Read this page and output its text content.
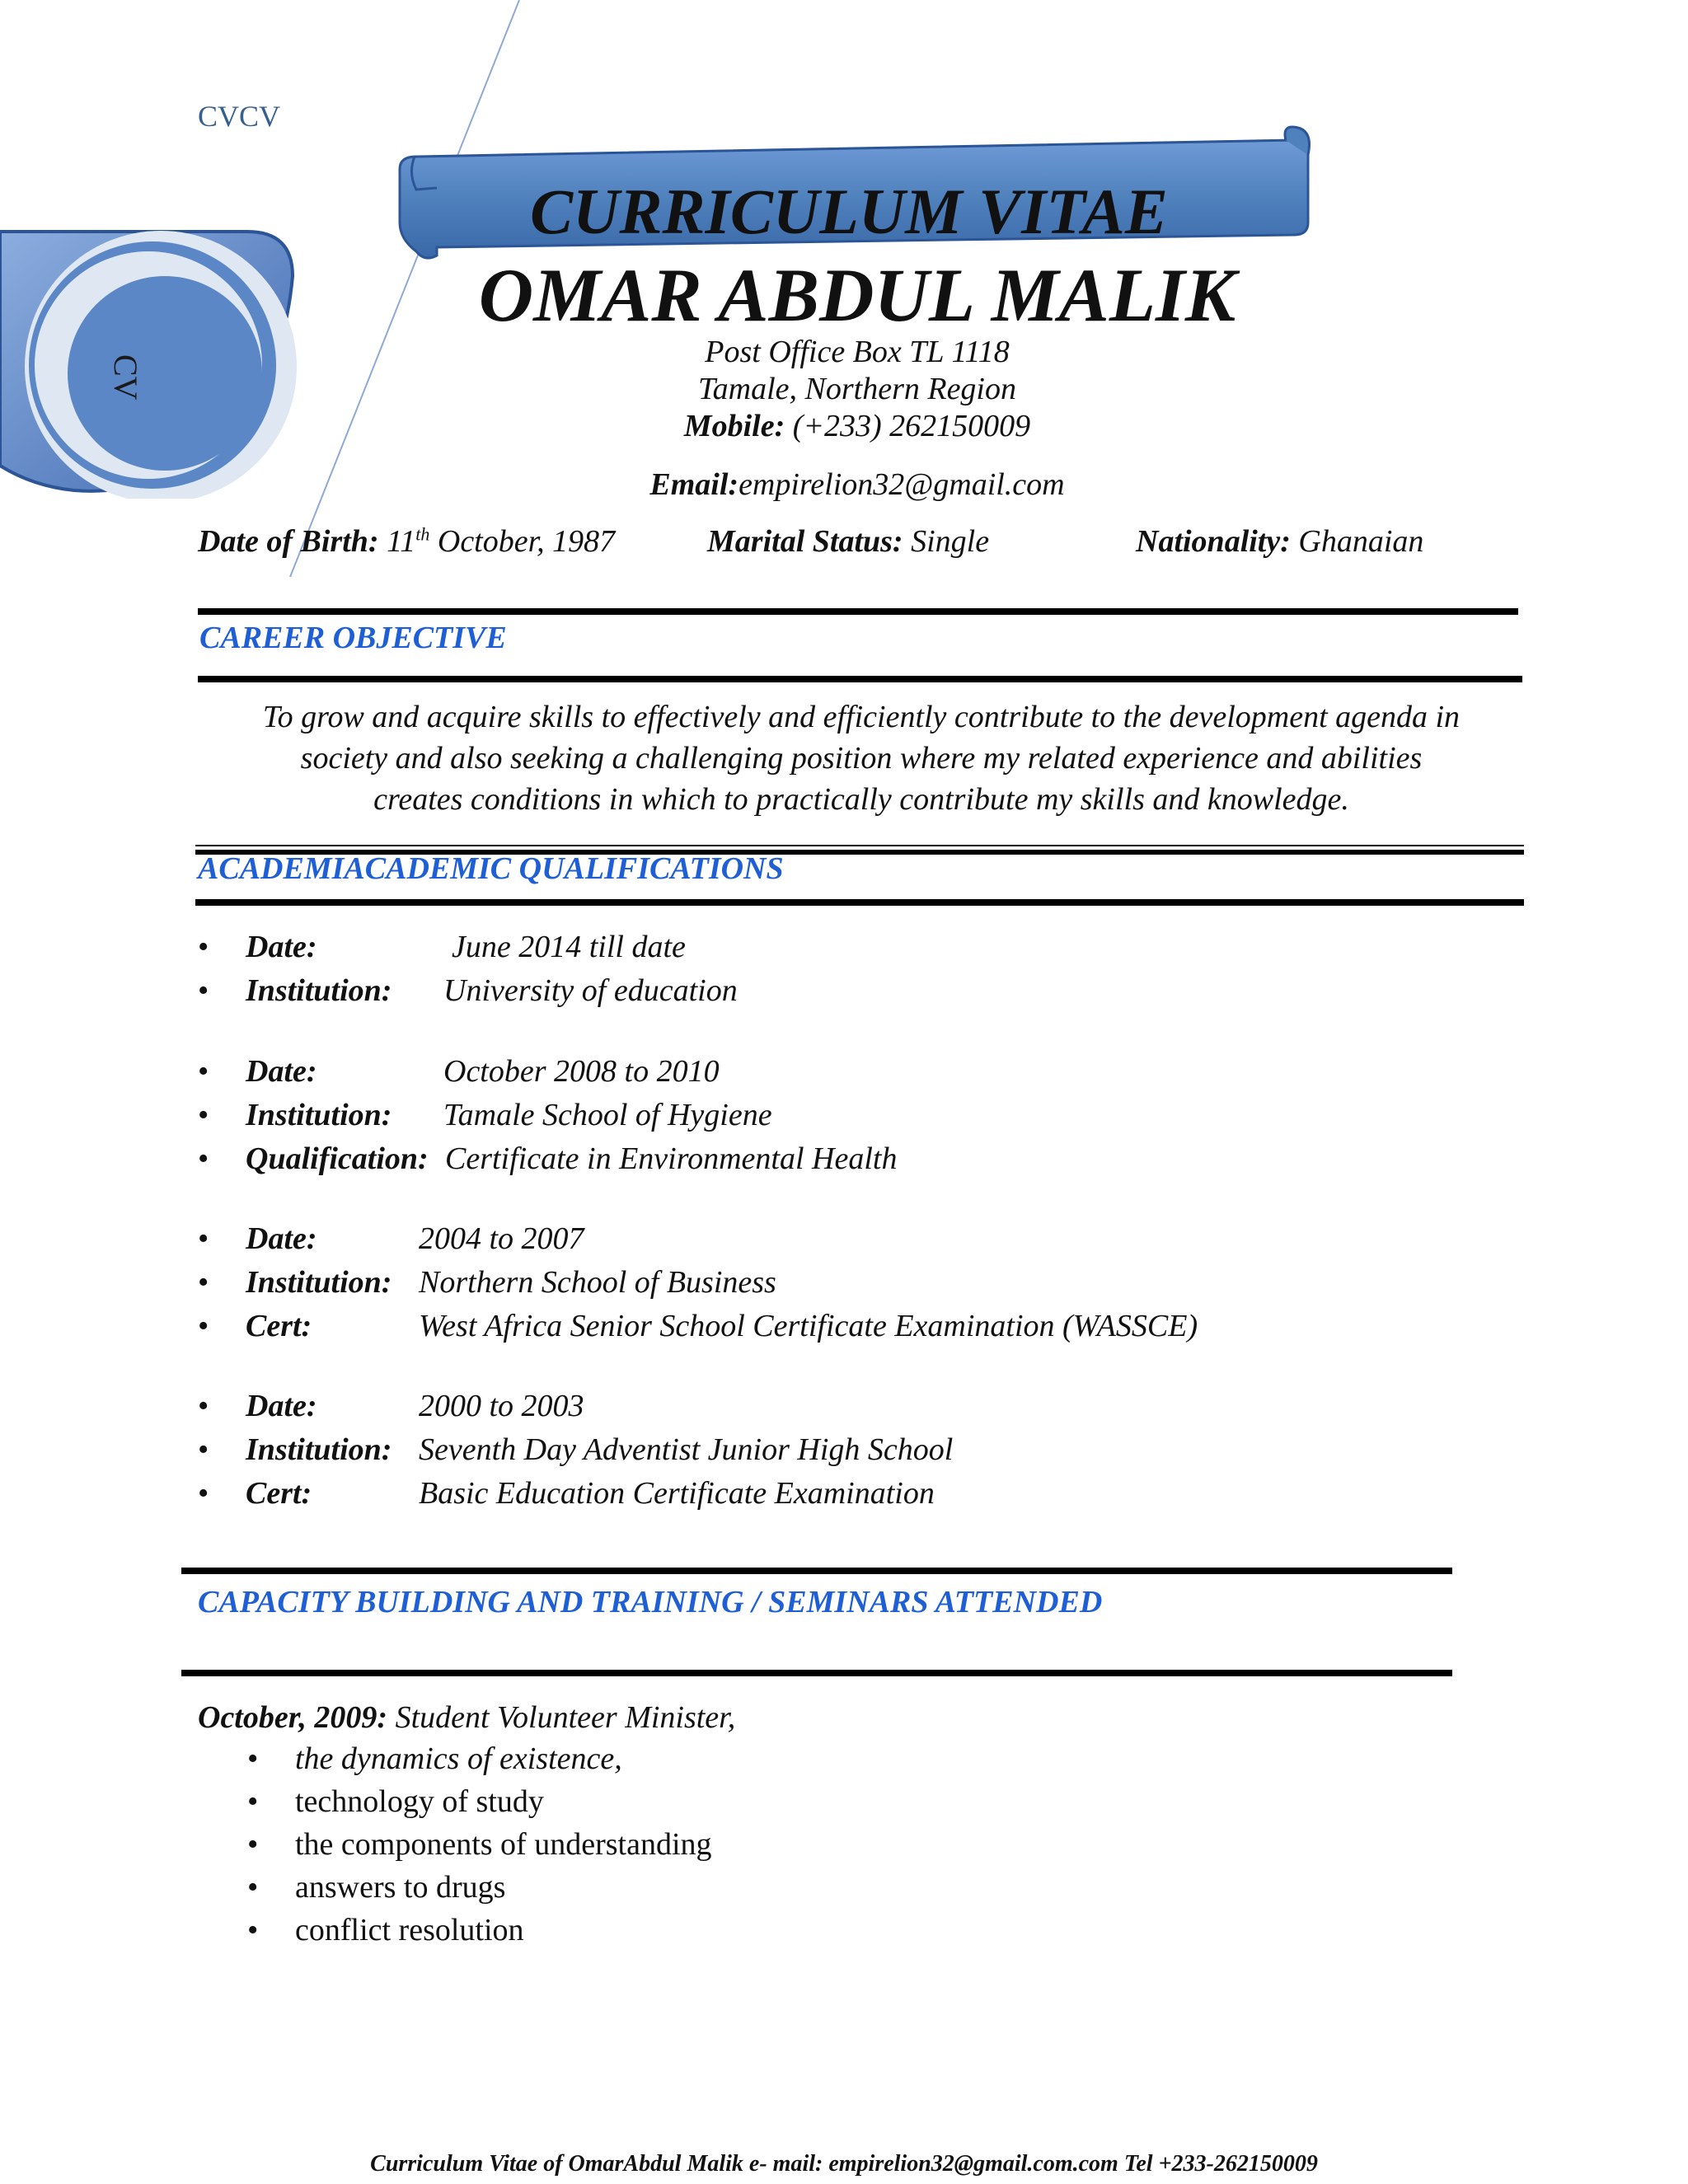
CVCV
CV
CURRICULUM VITAE
OMAR ABDUL MALIK
Post Office Box TL 1118
Tamale, Northern Region
Mobile: (+233) 262150009
Email:empirelion32@gmail.com
Date of Birth: 11th October, 1987	Marital Status: Single	Nationality: Ghanaian
CAREER OBJECTIVE
To grow and acquire skills to effectively and efficiently contribute to the development agenda in
society and also seeking a challenging position where my related experience and abilities
creates conditions in which to practically contribute my skills and knowledge.
ACADEMIACADEMIC QUALIFICATIONS
• Date:	June 2014 till date
• Institution: University of education
• Date:	October 2008 to 2010
• Institution: Tamale School of Hygiene
• Qualification: Certificate in Environmental Health
• Date:	2004 to 2007
• Institution: Northern School of Business
• Cert:	West Africa Senior School Certificate Examination (WASSCE)
• Date:	2000 to 2003
• Institution: Seventh Day Adventist Junior High School
• Cert:	Basic Education Certificate Examination
CAPACITY BUILDING AND TRAINING / SEMINARS ATTENDED
October, 2009: Student Volunteer Minister,
• the dynamics of existence,
• technology of study
• the components of understanding
• answers to drugs
• conflict resolution
Curriculum Vitae of OmarAbdul Malik e- mail: empirelion32@gmail.com.com Tel +233-262150009
